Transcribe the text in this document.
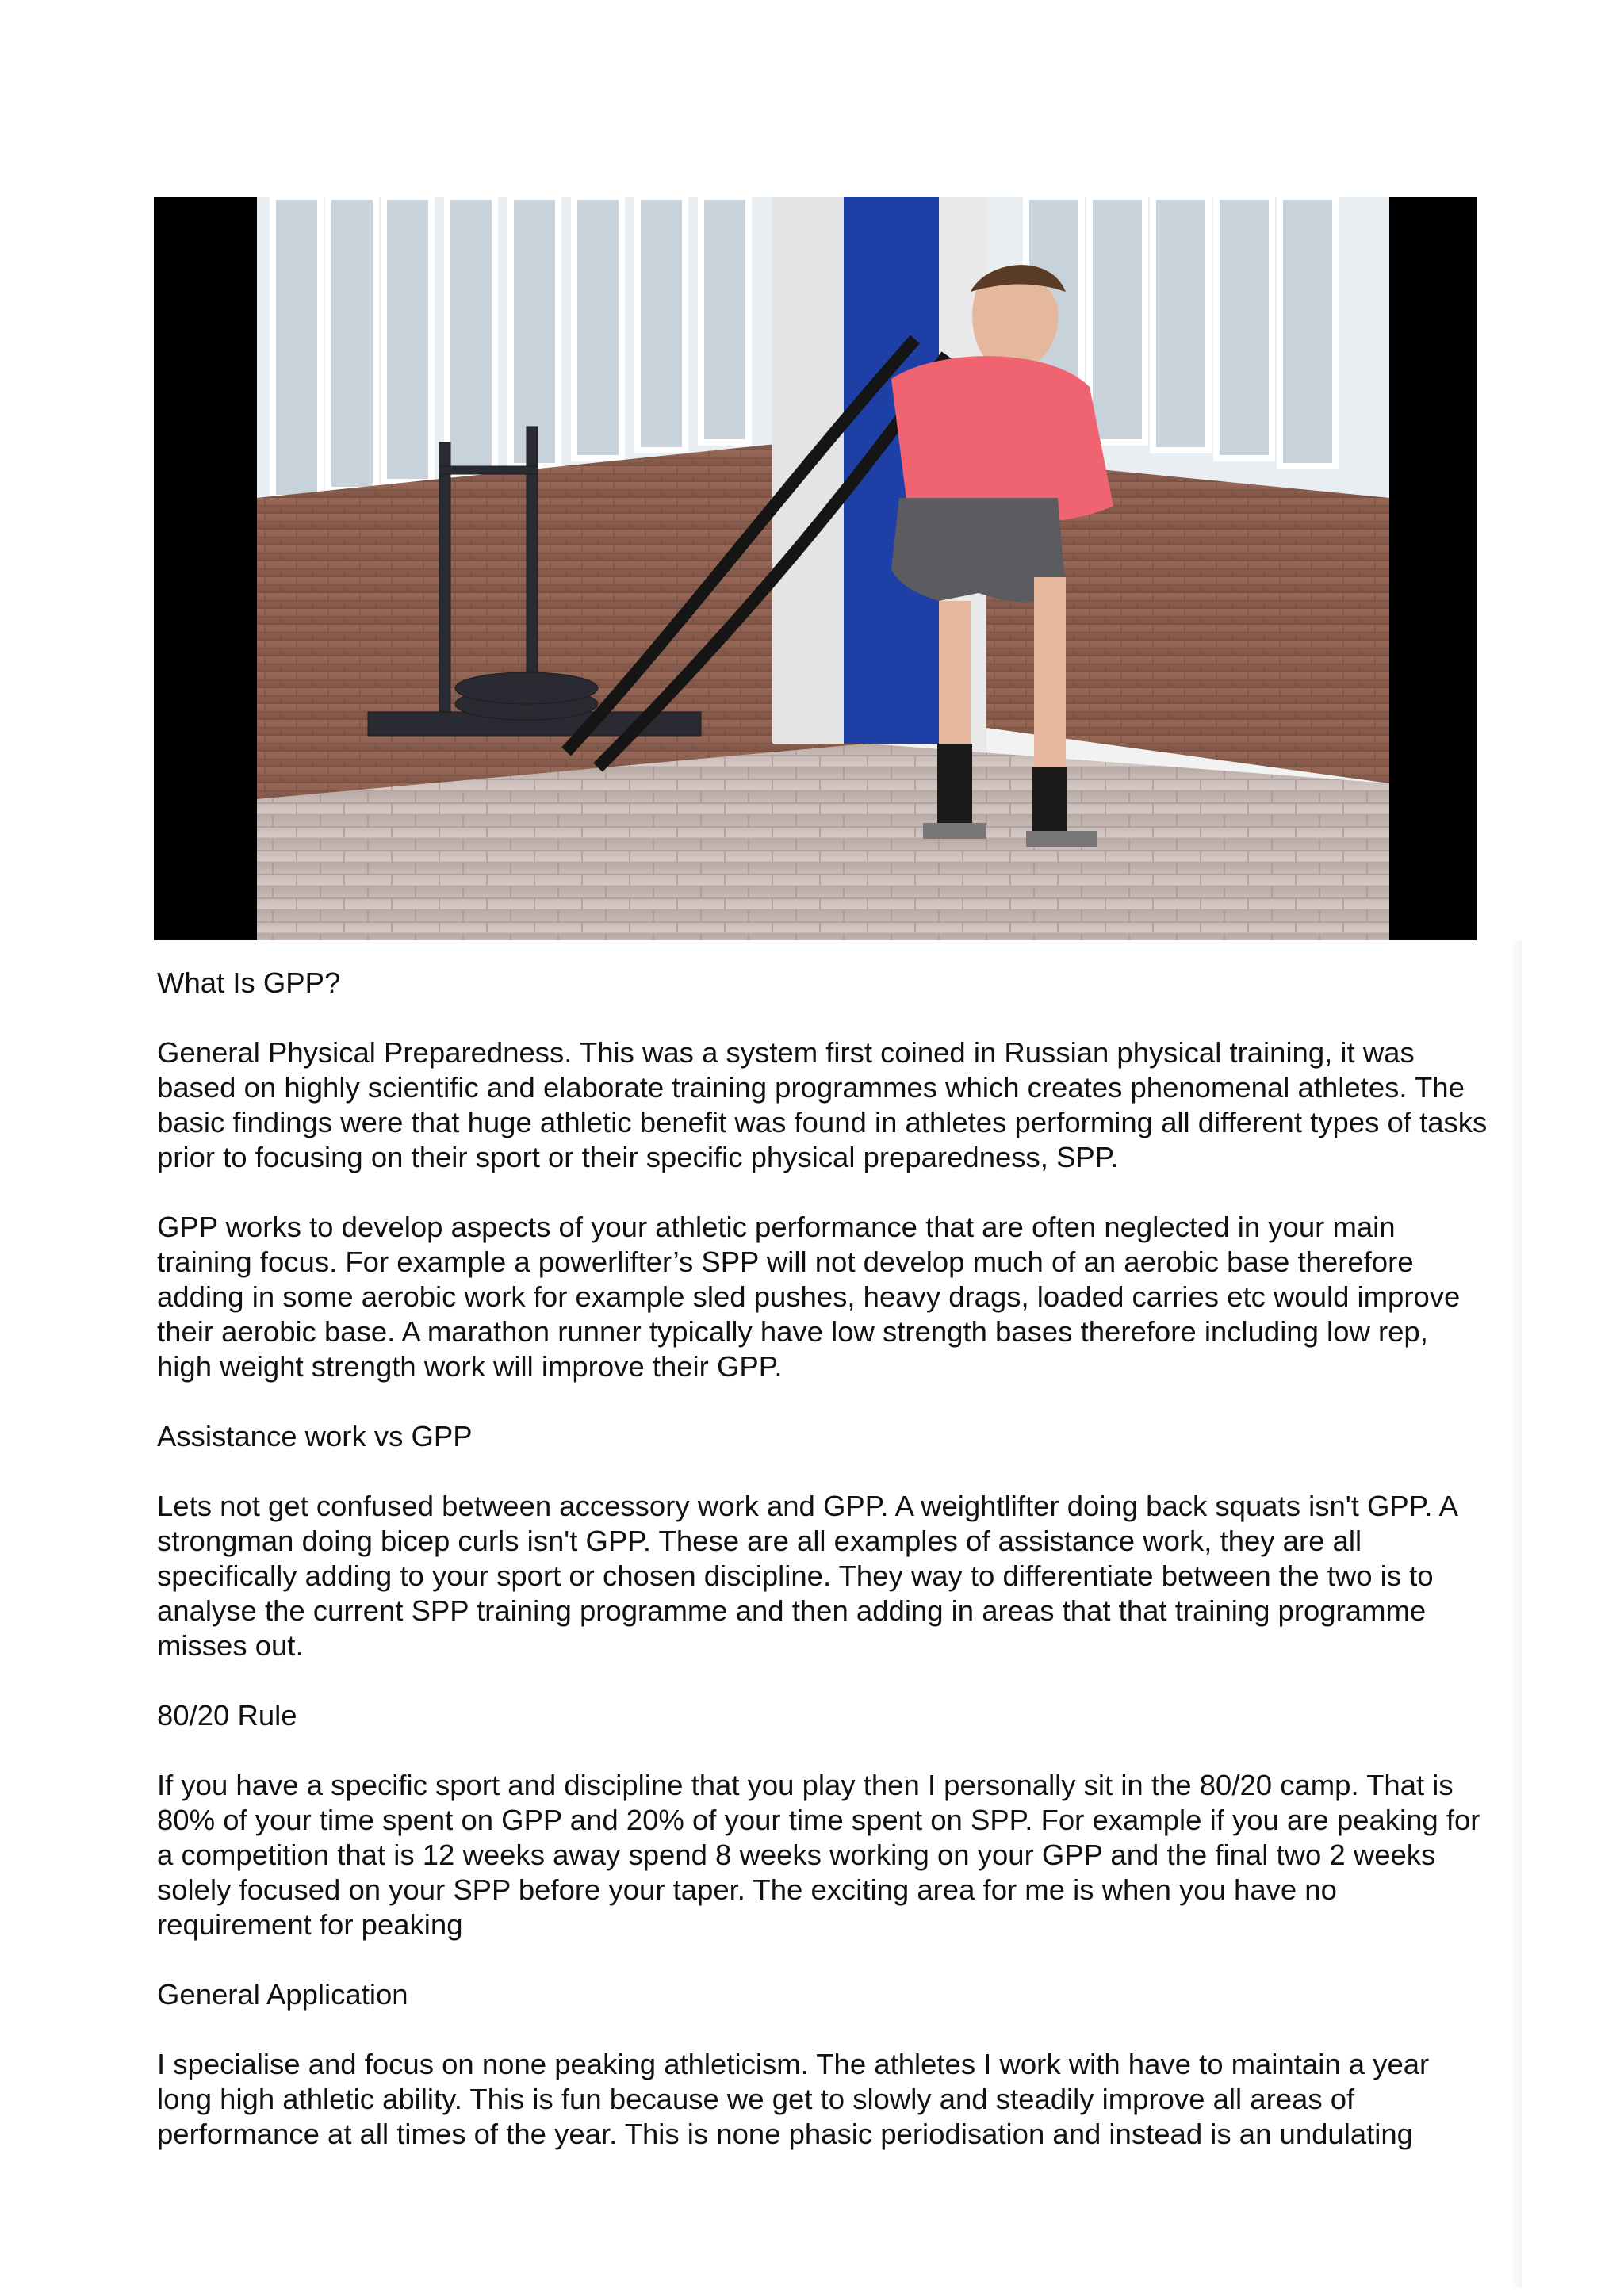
What Is GPP?

General Physical Preparedness. This was a system first coined in Russian physical training, it was based on highly scientific and elaborate training programmes which creates phenomenal athletes. The basic findings were that huge athletic benefit was found in athletes performing all different types of tasks prior to focusing on their sport or their specific physical preparedness, SPP.

GPP works to develop aspects of your athletic performance that are often neglected in your main training focus. For example a powerlifter’s SPP will not develop much of an aerobic base therefore adding in some aerobic work for example sled pushes, heavy drags, loaded carries etc would improve their aerobic base. A marathon runner typically have low strength bases therefore including low rep, high weight strength work will improve their GPP.

Assistance work vs GPP

Lets not get confused between accessory work and GPP. A weightlifter doing back squats isn't GPP. A strongman doing bicep curls isn't GPP. These are all examples of assistance work, they are all specifically adding to your sport or chosen discipline. They way to differentiate between the two is to analyse the current SPP training programme and then adding in areas that that training programme misses out.

80/20 Rule

If you have a specific sport and discipline that you play then I personally sit in the 80/20 camp. That is 80% of your time spent on GPP and 20% of your time spent on SPP. For example if you are peaking for a competition that is 12 weeks away spend 8 weeks working on your GPP and the final two 2 weeks solely focused on your SPP before your taper. The exciting area for me is when you have no requirement for peaking

General Application

I specialise and focus on none peaking athleticism. The athletes I work with have to maintain a year long high athletic ability. This is fun because we get to slowly and steadily improve all areas of performance at all times of the year. This is none phasic periodisation and instead is an undulating
